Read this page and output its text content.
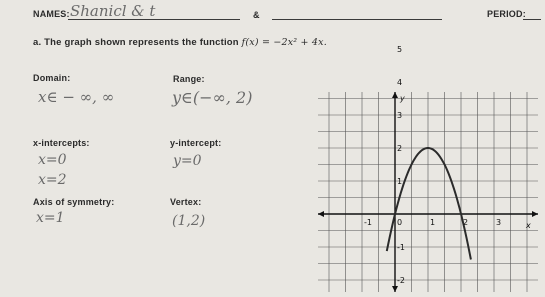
NAMES: Shanicl & t	&	PERIOD:
a. The graph shown represents the function f(x) = −2x² + 4x.
Domain:
x∈ − ∞, ∞
Range:
y∈(−∞, 2)
x-intercepts:
x=0
x=2
y-intercept:
y=0
Axis of symmetry:
x=1
Vertex:
(1,2)
5
4
3
2
1
-1
-2
-1	0	1	2	3
y
x
